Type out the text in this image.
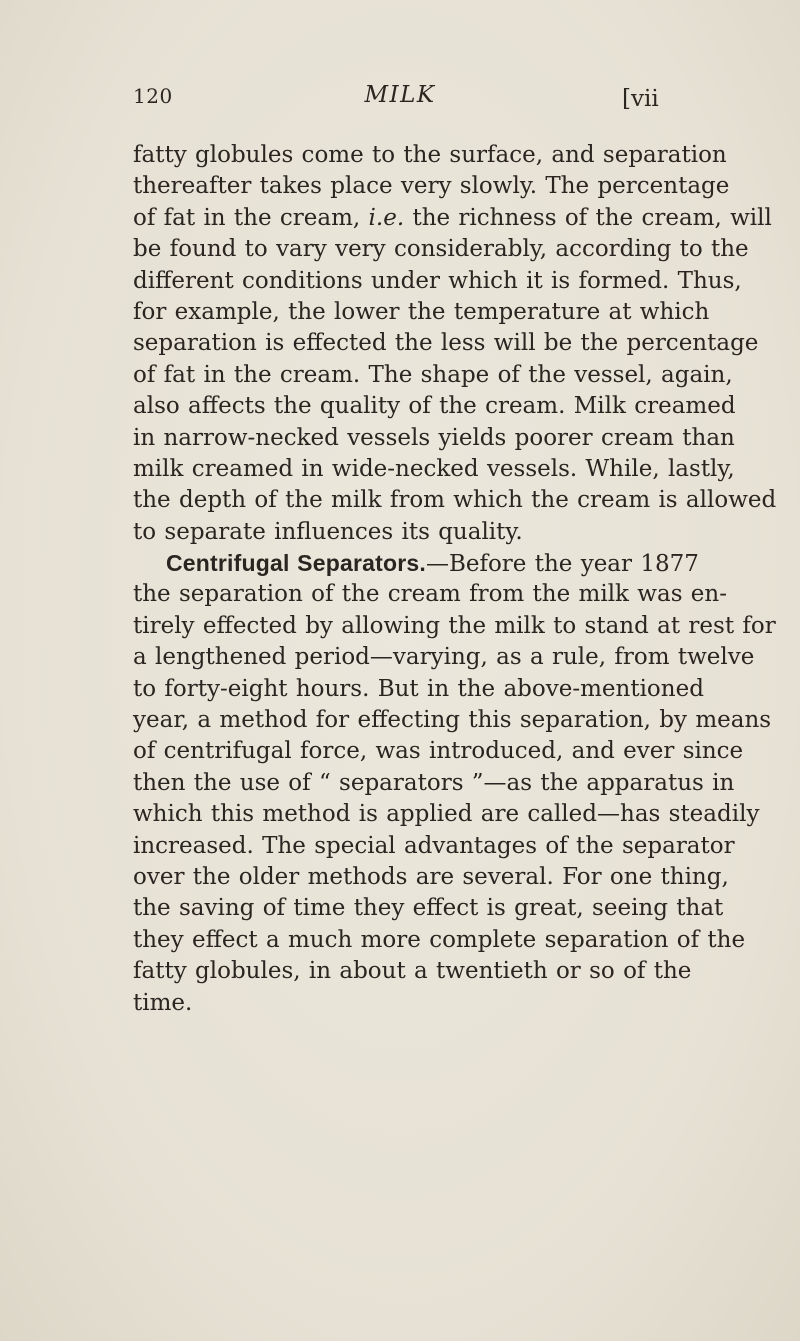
120	MILK	[vii
fatty globules come to the surface, and separation
thereafter takes place very slowly. The percentage
of fat in the cream, i.e. the richness of the cream, will
be found to vary very considerably, according to the
different conditions under which it is formed. Thus,
for example, the lower the temperature at which
separation is effected the less will be the percentage
of fat in the cream. The shape of the vessel, again,
also affects the quality of the cream. Milk creamed
in narrow-necked vessels yields poorer cream than
milk creamed in wide-necked vessels. While, lastly,
the depth of the milk from which the cream is allowed
to separate influences its quality.
Centrifugal Separators.—Before the year 1877
the separation of the cream from the milk was en-
tirely effected by allowing the milk to stand at rest for
a lengthened period—varying, as a rule, from twelve
to forty-eight hours. But in the above-mentioned
year, a method for effecting this separation, by means
of centrifugal force, was introduced, and ever since
then the use of “ separators ”—as the apparatus in
which this method is applied are called—has steadily
increased. The special advantages of the separator
over the older methods are several. For one thing,
the saving of time they effect is great, seeing that
they effect a much more complete separation of the
fatty globules, in about a twentieth or so of the
time.
